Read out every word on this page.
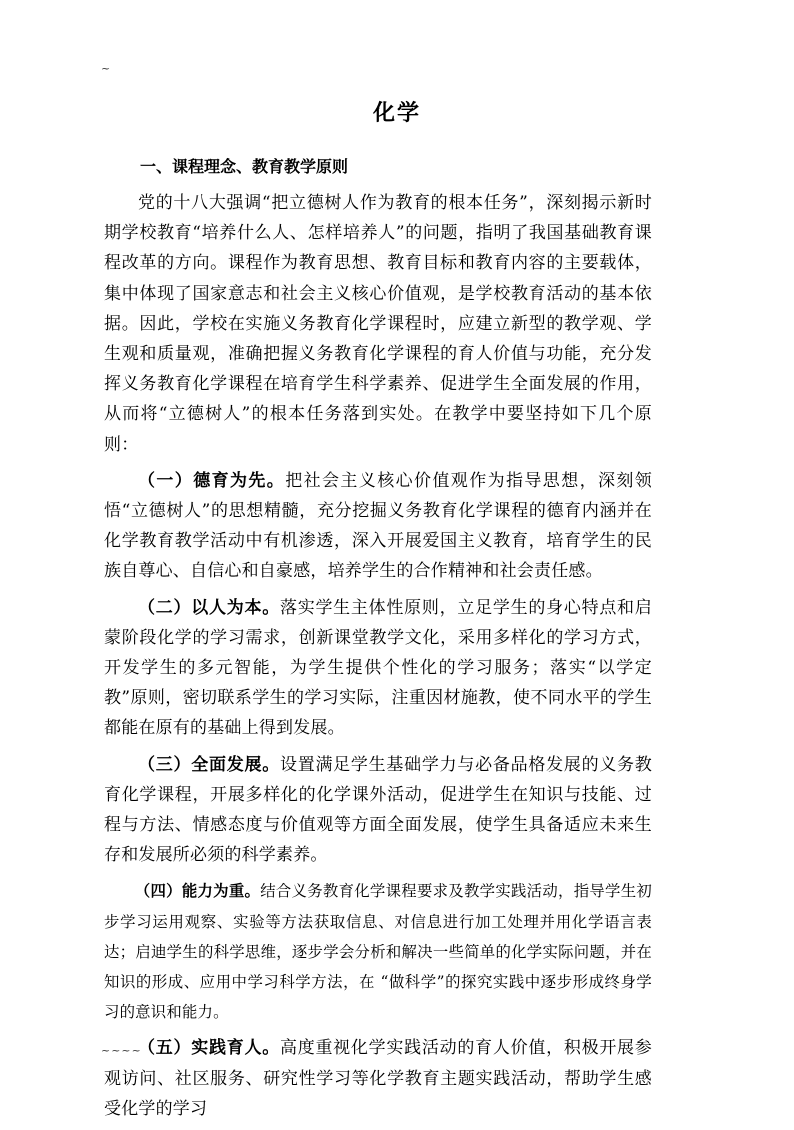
~
化学
一、课程理念、教育教学原则

党的十八大强调“把立德树人作为教育的根本任务”，深刻揭示新时期学校教育“培养什么人、怎样培养人”的问题，指明了我国基础教育课程改革的方向。课程作为教育思想、教育目标和教育内容的主要载体，集中体现了国家意志和社会主义核心价值观，是学校教育活动的基本依据。因此，学校在实施义务教育化学课程时，应建立新型的教学观、学生观和质量观，准确把握义务教育化学课程的育人价值与功能，充分发挥义务教育化学课程在培育学生科学素养、促进学生全面发展的作用，从而将“立德树人”的根本任务落到实处。在教学中要坚持如下几个原则：

（一）德育为先。把社会主义核心价值观作为指导思想，深刻领悟“立德树人”的思想精髓，充分挖掘义务教育化学课程的德育内涵并在化学教育教学活动中有机渗透，深入开展爱国主义教育，培育学生的民族自尊心、自信心和自豪感，培养学生的合作精神和社会责任感。

（二）以人为本。落实学生主体性原则，立足学生的身心特点和启蒙阶段化学的学习需求，创新课堂教学文化，采用多样化的学习方式，开发学生的多元智能，为学生提供个性化的学习服务；落实“以学定教”原则，密切联系学生的学习实际，注重因材施教，使不同水平的学生都能在原有的基础上得到发展。

（三）全面发展。设置满足学生基础学力与必备品格发展的义务教育化学课程，开展多样化的化学课外活动，促进学生在知识与技能、过程与方法、情感态度与价值观等方面全面发展，使学生具备适应未来生存和发展所必须的科学素养。

（四）能力为重。结合义务教育化学课程要求及教学实践活动，指导学生初步学习运用观察、实验等方法获取信息、对信息进行加工处理并用化学语言表达；启迪学生的科学思维，逐步学会分析和解决一些简单的化学实际问题，并在知识的形成、应用中学习科学方法，在 “做科学”的探究实践中逐步形成终身学习的意识和能力。

（五）实践育人。高度重视化学实践活动的育人价值，积极开展参观访问、社区服务、研究性学习等化学教育主题实践活动，帮助学生感受化学的学习

~~~~
